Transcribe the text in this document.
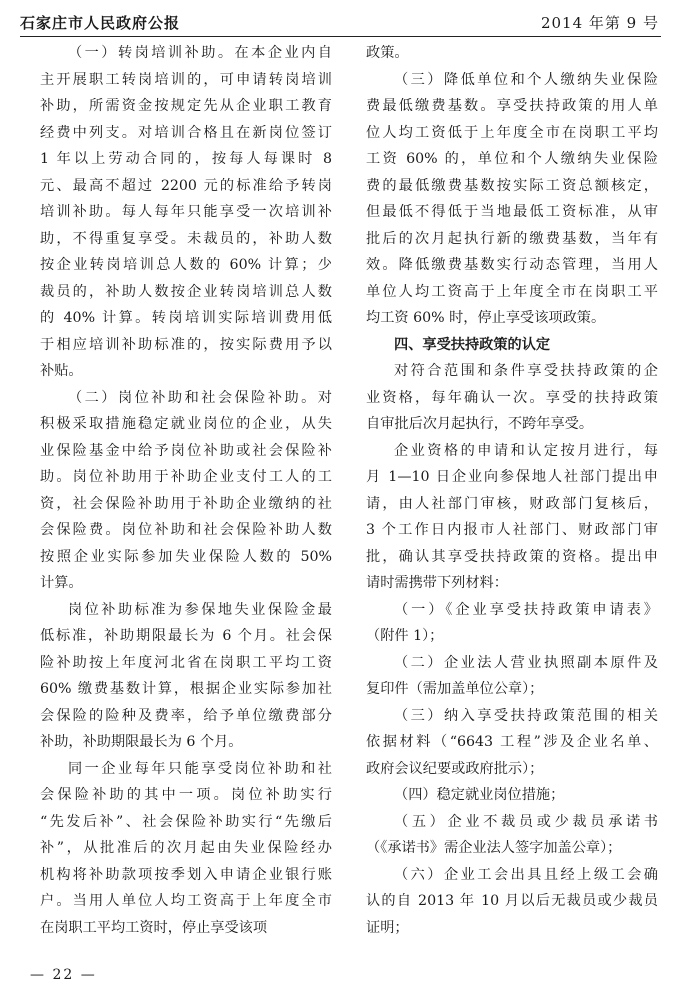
石家庄市人民政府公报	2014 年第 9 号
（一）转岗培训补助。在本企业内自
主开展职工转岗培训的，可申请转岗培训
补助，所需资金按规定先从企业职工教育
经费中列支。对培训合格且在新岗位签订
1 年以上劳动合同的，按每人每课时 8
元、最高不超过 2200 元的标准给予转岗
培训补助。每人每年只能享受一次培训补
助，不得重复享受。未裁员的，补助人数
按企业转岗培训总人数的 60% 计算；少
裁员的，补助人数按企业转岗培训总人数
的 40% 计算。转岗培训实际培训费用低
于相应培训补助标准的，按实际费用予以
补贴。
（二）岗位补助和社会保险补助。对
积极采取措施稳定就业岗位的企业，从失
业保险基金中给予岗位补助或社会保险补
助。岗位补助用于补助企业支付工人的工
资，社会保险补助用于补助企业缴纳的社
会保险费。岗位补助和社会保险补助人数
按照企业实际参加失业保险人数的 50%
计算。
岗位补助标准为参保地失业保险金最
低标准，补助期限最长为 6 个月。社会保
险补助按上年度河北省在岗职工平均工资
60% 缴费基数计算，根据企业实际参加社
会保险的险种及费率，给予单位缴费部分
补助，补助期限最长为 6 个月。
同一企业每年只能享受岗位补助和社
会保险补助的其中一项。岗位补助实行
“先发后补”、社会保险补助实行“先缴后
补”，从批准后的次月起由失业保险经办
机构将补助款项按季划入申请企业银行账
户。当用人单位人均工资高于上年度全市
在岗职工平均工资时，停止享受该项
政策。
（三）降低单位和个人缴纳失业保险
费最低缴费基数。享受扶持政策的用人单
位人均工资低于上年度全市在岗职工平均
工资 60% 的，单位和个人缴纳失业保险
费的最低缴费基数按实际工资总额核定，
但最低不得低于当地最低工资标准，从审
批后的次月起执行新的缴费基数，当年有
效。降低缴费基数实行动态管理，当用人
单位人均工资高于上年度全市在岗职工平
均工资 60% 时，停止享受该项政策。
四、享受扶持政策的认定
对符合范围和条件享受扶持政策的企
业资格，每年确认一次。享受的扶持政策
自审批后次月起执行，不跨年享受。
企业资格的申请和认定按月进行，每
月 1—10 日企业向参保地人社部门提出申
请，由人社部门审核，财政部门复核后，
3 个工作日内报市人社部门、财政部门审
批，确认其享受扶持政策的资格。提出申
请时需携带下列材料：
（一）《企业享受扶持政策申请表》
（附件 1）；
（二）企业法人营业执照副本原件及
复印件（需加盖单位公章）；
（三）纳入享受扶持政策范围的相关
依据材料（“6643 工程”涉及企业名单、
政府会议纪要或政府批示）；
（四）稳定就业岗位措施；
（五）企业不裁员或少裁员承诺书
（《承诺书》需企业法人签字加盖公章）；
（六）企业工会出具且经上级工会确
认的自 2013 年 10 月以后无裁员或少裁员
证明；
— 22 —
